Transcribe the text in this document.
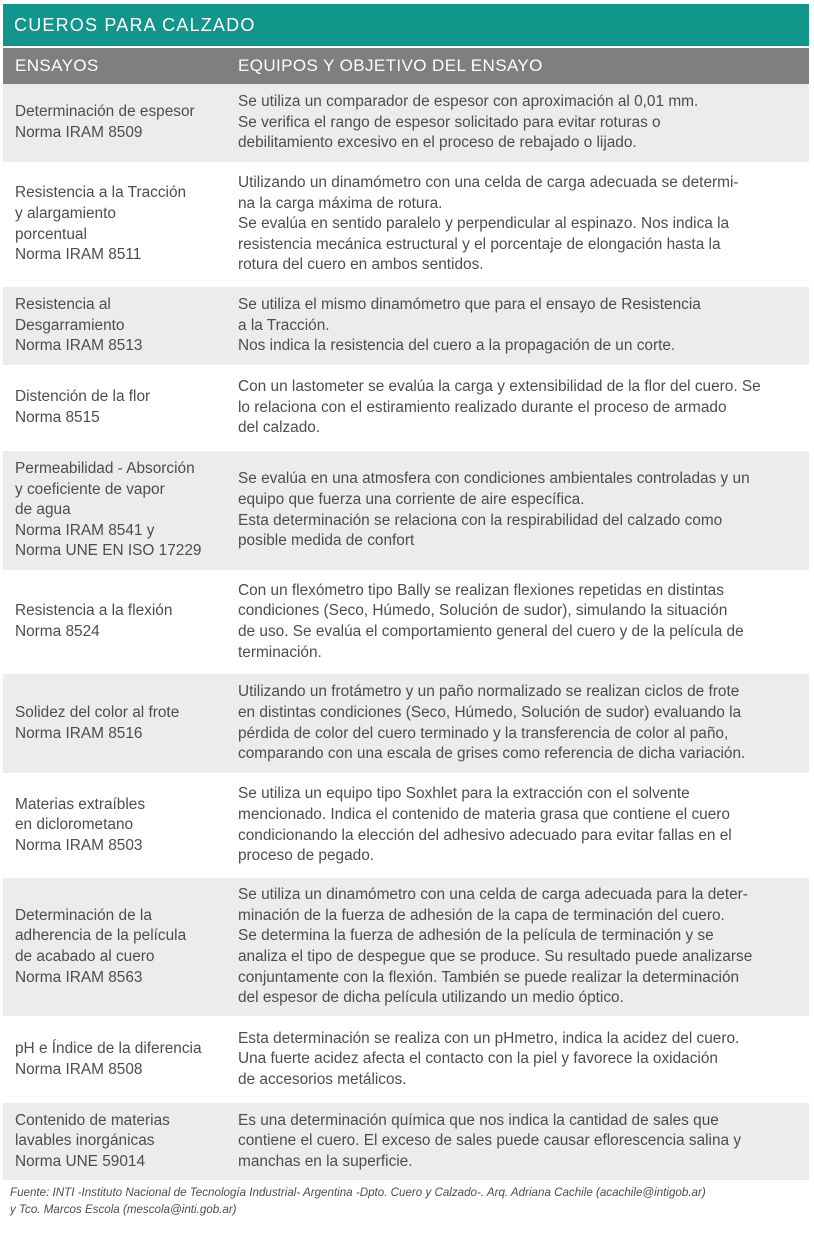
CUEROS PARA CALZADO
ENSAYOS	EQUIPOS Y OBJETIVO DEL ENSAYO
Determinación de espesor
Norma IRAM 8509
Se utiliza un comparador de espesor con aproximación al 0,01 mm.
Se verifica el rango de espesor solicitado para evitar roturas o
debilitamiento excesivo en el proceso de rebajado o lijado.
Resistencia a la Tracción
y alargamiento
porcentual
Norma IRAM 8511
Utilizando un dinamómetro con una celda de carga adecuada se determi-
na la carga máxima de rotura.
Se evalúa en sentido paralelo y perpendicular al espinazo. Nos indica la
resistencia mecánica estructural y el porcentaje de elongación hasta la
rotura del cuero en ambos sentidos.
Resistencia al
Desgarramiento
Norma IRAM 8513
Se utiliza el mismo dinamómetro que para el ensayo de Resistencia
a la Tracción.
Nos indica la resistencia del cuero a la propagación de un corte.
Distención de la flor
Norma 8515
Con un lastometer se evalúa la carga y extensibilidad de la flor del cuero. Se
lo relaciona con el estiramiento realizado durante el proceso de armado
del calzado.
Permeabilidad - Absorción
y coeficiente de vapor
de agua
Norma IRAM 8541 y
Norma UNE EN ISO 17229
Se evalúa en una atmosfera con condiciones ambientales controladas y un
equipo que fuerza una corriente de aire específica.
Esta determinación se relaciona con la respirabilidad del calzado como
posible medida de confort
Resistencia a la flexión
Norma 8524
Con un flexómetro tipo Bally se realizan flexiones repetidas en distintas
condiciones (Seco, Húmedo, Solución de sudor), simulando la situación
de uso. Se evalúa el comportamiento general del cuero y de la película de
terminación.
Solidez del color al frote
Norma IRAM 8516
Utilizando un frotámetro y un paño normalizado se realizan ciclos de frote
en distintas condiciones (Seco, Húmedo, Solución de sudor) evaluando la
pérdida de color del cuero terminado y la transferencia de color al paño,
comparando con una escala de grises como referencia de dicha variación.
Materias extraíbles
en diclorometano
Norma IRAM 8503
Se utiliza un equipo tipo Soxhlet para la extracción con el solvente
mencionado. Indica el contenido de materia grasa que contiene el cuero
condicionando la elección del adhesivo adecuado para evitar fallas en el
proceso de pegado.
Determinación de la
adherencia de la película
de acabado al cuero
Norma IRAM 8563
Se utiliza un dinamómetro con una celda de carga adecuada para la deter-
minación de la fuerza de adhesión de la capa de terminación del cuero.
Se determina la fuerza de adhesión de la película de terminación y se
analiza el tipo de despegue que se produce. Su resultado puede analizarse
conjuntamente con la flexión. También se puede realizar la determinación
del espesor de dicha película utilizando un medio óptico.
pH e Índice de la diferencia
Norma IRAM 8508
Esta determinación se realiza con un pHmetro, indica la acidez del cuero.
Una fuerte acidez afecta el contacto con la piel y favorece la oxidación
de accesorios metálicos.
Contenido de materias
lavables inorgánicas
Norma UNE 59014
Es una determinación química que nos indica la cantidad de sales que
contiene el cuero. El exceso de sales puede causar eflorescencia salina y
manchas en la superficie.
Fuente: INTI -Instituto Nacional de Tecnología Industrial- Argentina -Dpto. Cuero y Calzado-. Arq. Adriana Cachile (acachile@intigob.ar)
y Tco. Marcos Escola (mescola@inti.gob.ar)
